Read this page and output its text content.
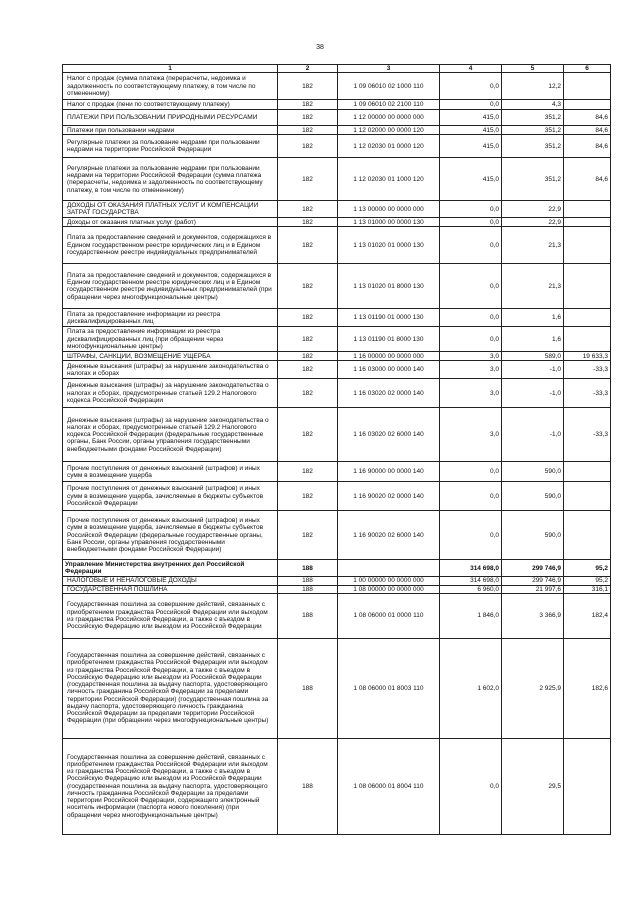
38
1	2	3	4	5	6
Налог с продаж (сумма платежа (перерасчеты, недоимка и задолженность по соответствующему платежу, в том числе по отмененному)	182	1 09 06010 02 1000 110	0,0	12,2	
Налог с продаж (пени по соответствующему платежу)	182	1 09 06010 02 2100 110	0,0	4,3	
ПЛАТЕЖИ ПРИ ПОЛЬЗОВАНИИ ПРИРОДНЫМИ РЕСУРСАМИ	182	1 12 00000 00 0000 000	415,0	351,2	84,6
Платежи при пользовании недрами	182	1 12 02000 00 0000 120	415,0	351,2	84,6
Регулярные платежи за пользование недрами при пользовании недрами на территории Российской Федерации	182	1 12 02030 01 0000 120	415,0	351,2	84,6
Регулярные платежи за пользование недрами при пользовании недрами на территории Российской Федерации (сумма платежа (перерасчеты, недоимка и задолженность по соответствующему платежу, в том числе по отмененному)	182	1 12 02030 01 1000 120	415,0	351,2	84,6
ДОХОДЫ ОТ ОКАЗАНИЯ ПЛАТНЫХ УСЛУГ И КОМПЕНСАЦИИ ЗАТРАТ ГОСУДАРСТВА	182	1 13 00000 00 0000 000	0,0	22,9	
Доходы от оказания платных услуг (работ)	182	1 13 01000 00 0000 130	0,0	22,9	
Плата за предоставление сведений и документов, содержащихся в Едином государственном реестре юридических лиц и в Едином государственном реестре индивидуальных предпринимателей	182	1 13 01020 01 0000 130	0,0	21,3	
Плата за предоставление сведений и документов, содержащихся в Едином государственном реестре юридических лиц и в Едином государственном реестре индивидуальных предпринимателей (при обращении через многофункциональные центры)	182	1 13 01020 01 8000 130	0,0	21,3	
Плата за предоставление информации из реестра дисквалифицированных лиц	182	1 13 01190 01 0000 130	0,0	1,6	
Плата за предоставление информации из реестра дисквалифицированных лиц (при обращении через многофункциональные центры)	182	1 13 01190 01 8000 130	0,0	1,6	
ШТРАФЫ, САНКЦИИ, ВОЗМЕЩЕНИЕ УЩЕРБА	182	1 16 00000 00 0000 000	3,0	589,0	19 633,3
Денежные взыскания (штрафы) за нарушение законодательства о налогах и сборах	182	1 16 03000 00 0000 140	3,0	-1,0	-33,3
Денежные взыскания (штрафы) за нарушение законодательства о налогах и сборах, предусмотренные статьей 129.2 Налогового кодекса Российской Федерации	182	1 16 03020 02 0000 140	3,0	-1,0	-33,3
Денежные взыскания (штрафы) за нарушение законодательства о налогах и сборах, предусмотренные статьей 129.2 Налогового кодекса Российской Федерации (федеральные государственные органы, Банк России, органы управления государственными внебюджетными фондами Российской Федерации)	182	1 16 03020 02 6000 140	3,0	-1,0	-33,3
Прочие поступления от денежных взысканий (штрафов) и иных сумм в возмещение ущерба	182	1 16 90000 00 0000 140	0,0	590,0	
Прочие поступления от денежных взысканий (штрафов) и иных сумм в возмещение ущерба, зачисляемые в бюджеты субъектов Российской Федерации	182	1 16 90020 02 0000 140	0,0	590,0	
Прочие поступления от денежных взысканий (штрафов) и иных сумм в возмещение ущерба, зачисляемые в бюджеты субъектов Российской Федерации (федеральные государственные органы, Банк России, органы управления государственными внебюджетными фондами Российской Федерации)	182	1 16 90020 02 6000 140	0,0	590,0	
Управление Министерства внутренних дел Российской Федерации	188		314 698,0	299 746,9	95,2
НАЛОГОВЫЕ И НЕНАЛОГОВЫЕ ДОХОДЫ	188	1 00 00000 00 0000 000	314 698,0	299 746,9	95,2
ГОСУДАРСТВЕННАЯ ПОШЛИНА	188	1 08 00000 00 0000 000	6 960,0	21 997,6	316,1
Государственная пошлина за совершение действий, связанных с приобретением гражданства Российской Федерации или выходом из гражданства Российской Федерации, а также с въездом в Российскую Федерацию или выездом из Российской Федерации	188	1 08 06000 01 0000 110	1 846,0	3 366,9	182,4
Государственная пошлина за совершение действий, связанных с приобретением гражданства Российской Федерации или выходом из гражданства Российской Федерации, а также с въездом в Российскую Федерацию или выездом из Российской Федерации (государственная пошлина за выдачу паспорта, удостоверяющего личность гражданина Российской Федерации за пределами территории Российской Федерации) (государственная пошлина за выдачу паспорта, удостоверяющего личность гражданина Российской Федерации за пределами территории Российской Федерации (при обращении через многофункциональные центры)	188	1 08 06000 01 8003 110	1 602,0	2 925,9	182,6
Государственная пошлина за совершение действий, связанных с приобретением гражданства Российской Федерации или выходом из гражданства Российской Федерации, а также с въездом в Российскую Федерацию или выездом из Российской Федерации (государственная пошлина за выдачу паспорта, удостоверяющего личность гражданина Российской Федерации за пределами территории Российской Федерации, содержащего электронный носитель информации (паспорта нового поколения) (при обращении через многофункциональные центры)	188	1 08 06000 01 8004 110	0,0	29,5	
